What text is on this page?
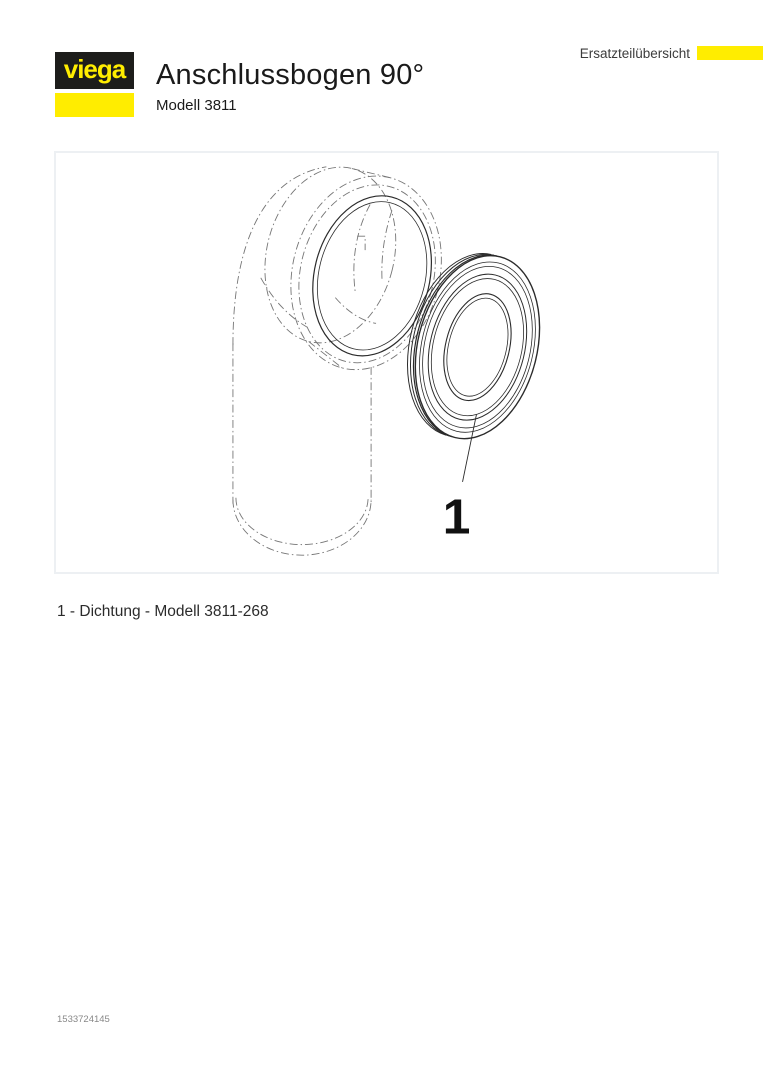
viega Anschlussbogen 90°
Modell 3811
Ersatzteilübersicht
1
1 - Dichtung - Modell 3811-268
1533724145
